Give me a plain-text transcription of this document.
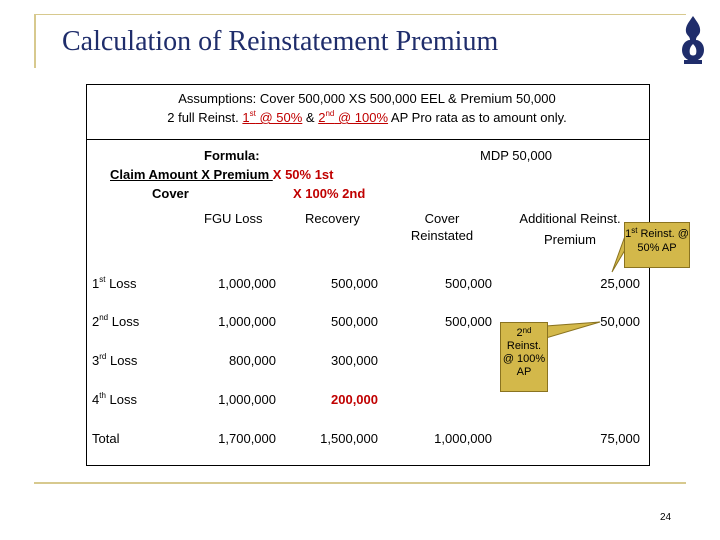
Calculation of Reinstatement Premium
Assumptions: Cover 500,000 XS 500,000 EEL & Premium 50,000
2 full Reinst. 1st @ 50% & 2nd @ 100% AP Pro rata as to amount only.
Formula:
Claim Amount X Premium X 50% 1st
Cover	X 100% 2nd
MDP 50,000
FGU Loss	Recovery	Cover
Reinstated
Additional Reinst.
Premium	1st Reinst. @
50% AP
1st Loss	1,000,000	500,000	500,000	25,000
2nd Loss	1,000,000	500,000	500,000	50,000
3rd Loss	800,000	300,000
4th Loss	1,000,000	200,000
Total	1,700,000	1,500,000	1,000,000	75,000
2nd
Reinst.
@ 100%
AP
24
